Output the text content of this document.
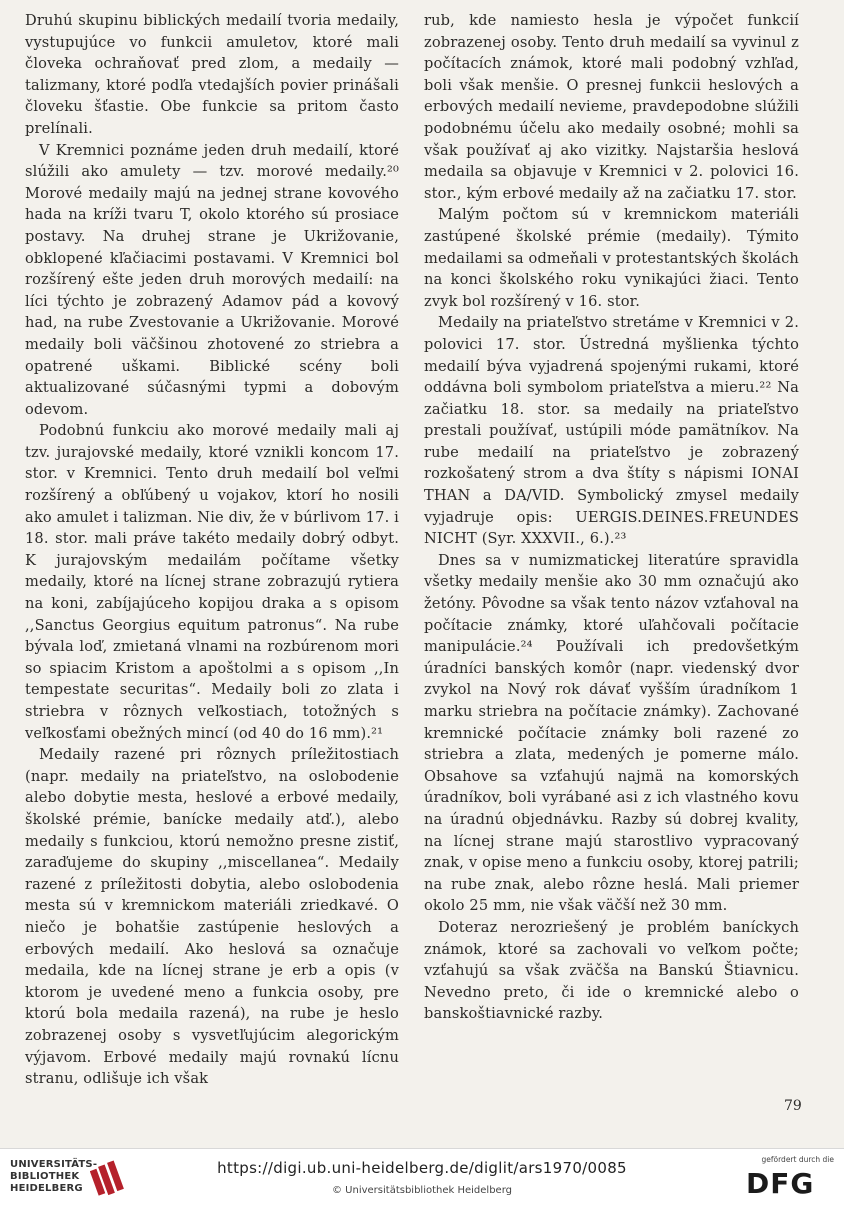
Druhú skupinu biblických medailí tvoria medaily, vystupujúce vo funkcii amuletov, ktoré mali človeka ochraňovať pred zlom, a medaily — talizmany, ktoré podľa vtedajších povier prinášali človeku šťastie. Obe funkcie sa pritom často prelínali.

V Kremnici poznáme jeden druh medailí, ktoré slúžili ako amulety — tzv. morové medaily.²⁰ Morové medaily majú na jednej strane kovového hada na kríži tvaru T, okolo ktorého sú prosiace postavy. Na druhej strane je Ukrižovanie, obklopené kľačiacimi postavami. V Kremnici bol rozšírený ešte jeden druh morových medailí: na líci týchto je zobrazený Adamov pád a kovový had, na rube Zvestovanie a Ukrižovanie. Morové medaily boli väčšinou zhotovené zo striebra a opatrené uškami. Biblické scény boli aktualizované súčasnými typmi a dobovým odevom.

Podobnú funkciu ako morové medaily mali aj tzv. jurajovské medaily, ktoré vznikli koncom 17. stor. v Kremnici. Tento druh medailí bol veľmi rozšírený a obľúbený u vojakov, ktorí ho nosili ako amulet i talizman. Nie div, že v búrlivom 17. i 18. stor. mali práve takéto medaily dobrý odbyt. K jurajovským medailám počítame všetky medaily, ktoré na lícnej strane zobrazujú rytiera na koni, zabíjajúceho kopijou draka a s opisom ,,Sanctus Georgius equitum patronus“. Na rube bývala loď, zmietaná vlnami na rozbúrenom mori so spiacim Kristom a apoštolmi a s opisom ,,In tempestate securitas“. Medaily boli zo zlata i striebra v rôznych veľkostiach, totožných s veľkosťami obežných mincí (od 40 do 16 mm).²¹

Medaily razené pri rôznych príležitostiach (napr. medaily na priateľstvo, na oslobodenie alebo dobytie mesta, heslové a erbové medaily, školské prémie, banícke medaily atď.), alebo medaily s funkciou, ktorú nemožno presne zistiť, zaraďujeme do skupiny ,,miscellanea“. Medaily razené z príležitosti dobytia, alebo oslobodenia mesta sú v kremnickom materiáli zriedkavé. O niečo je bohatšie zastúpenie heslových a erbových medailí. Ako heslová sa označuje medaila, kde na lícnej strane je erb a opis (v ktorom je uvedené meno a funkcia osoby, pre ktorú bola medaila razená), na rube je heslo zobrazenej osoby s vysvetľujúcim alegorickým výjavom. Erbové medaily majú rovnakú lícnu stranu, odlišuje ich však

rub, kde namiesto hesla je výpočet funkcií zobrazenej osoby. Tento druh medailí sa vyvinul z počítacích známok, ktoré mali podobný vzhľad, boli však menšie. O presnej funkcii heslových a erbových medailí nevieme, pravdepodobne slúžili podobnému účelu ako medaily osobné; mohli sa však používať aj ako vizitky. Najstaršia heslová medaila sa objavuje v Kremnici v 2. polovici 16. stor., kým erbové medaily až na začiatku 17. stor.

Malým počtom sú v kremnickom materiáli zastúpené školské prémie (medaily). Týmito medailami sa odmeňali v protestantských školách na konci školského roku vynikajúci žiaci. Tento zvyk bol rozšírený v 16. stor.

Medaily na priateľstvo stretáme v Kremnici v 2. polovici 17. stor. Ústredná myšlienka týchto medailí býva vyjadrená spojenými rukami, ktoré oddávna boli symbolom priateľstva a mieru.²² Na začiatku 18. stor. sa medaily na priateľstvo prestali používať, ustúpili móde pamätníkov. Na rube medailí na priateľstvo je zobrazený rozkošatený strom a dva štíty s nápismi IONAI THAN a DA/VID. Symbolický zmysel medaily vyjadruje opis: UERGIS.DEINES.FREUNDES NICHT (Syr. XXXVII., 6.).²³

Dnes sa v numizmatickej literatúre spravidla všetky medaily menšie ako 30 mm označujú ako žetóny. Pôvodne sa však tento názov vzťahoval na počítacie známky, ktoré uľahčovali počítacie manipulácie.²⁴ Používali ich predovšetkým úradníci banských komôr (napr. viedenský dvor zvykol na Nový rok dávať vyšším úradníkom 1 marku striebra na počítacie známky). Zachované kremnické počítacie známky boli razené zo striebra a zlata, medených je pomerne málo. Obsahove sa vzťahujú najmä na komorských úradníkov, boli vyrábané asi z ich vlastného kovu na úradnú objednávku. Razby sú dobrej kvality, na lícnej strane majú starostlivo vypracovaný znak, v opise meno a funkciu osoby, ktorej patrili; na rube znak, alebo rôzne heslá. Mali priemer okolo 25 mm, nie však väčší než 30 mm.

Doteraz nerozriešený je problém baníckych známok, ktoré sa zachovali vo veľkom počte; vzťahujú sa však zväčša na Banskú Štiavnicu. Nevedno preto, či ide o kremnické alebo o banskoštiavnické razby.

79
UNIVERSITÄTS-
BIBLIOTHEK
HEIDELBERG
https://digi.ub.uni-heidelberg.de/diglit/ars1970/0085
© Universitätsbibliothek Heidelberg
gefördert durch die
DFG
